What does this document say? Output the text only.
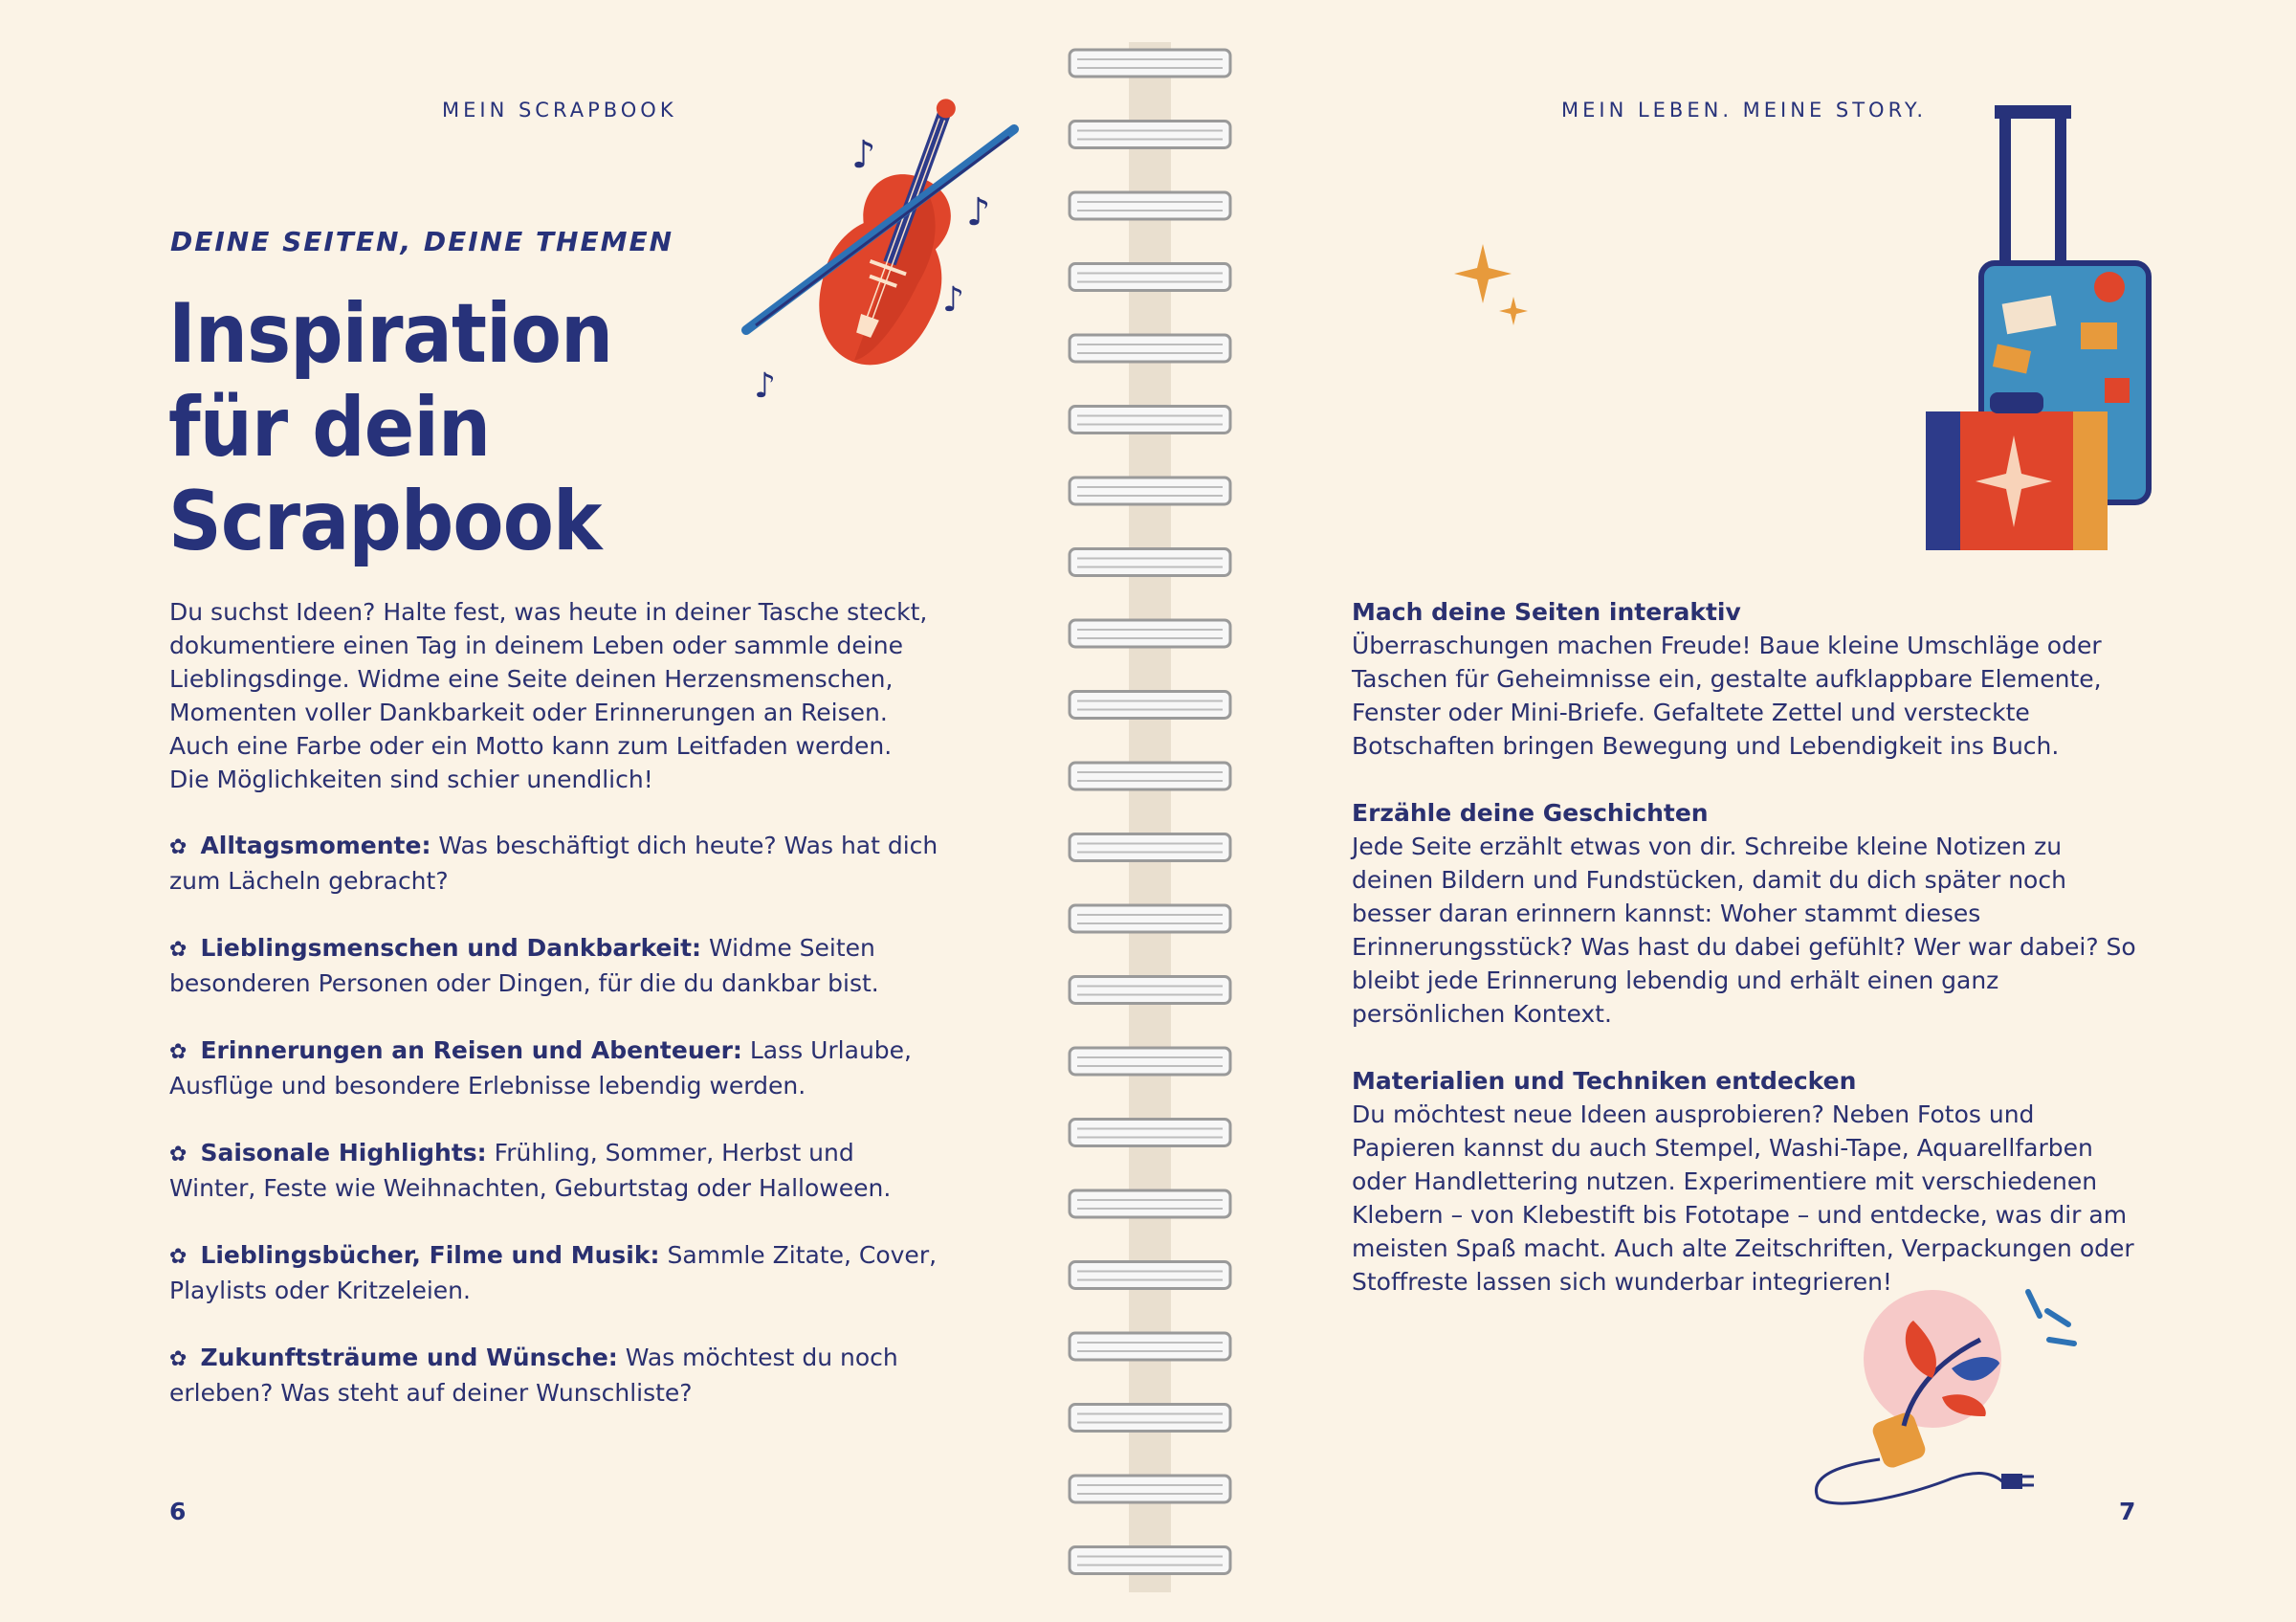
MEIN SCRAPBOOK
DEINE SEITEN, DEINE THEMEN
Inspiration für dein Scrapbook
♪
♪
♪
♪

Du suchst Ideen? Halte fest, was heute in deiner Tasche steckt, dokumentiere einen Tag in deinem Leben oder sammle deine Lieblingsdinge. Widme eine Seite deinen Herzensmenschen, Momenten voller Dankbarkeit oder Erinnerungen an Reisen. Auch eine Farbe oder ein Motto kann zum Leitfaden werden. Die Möglichkeiten sind schier unendlich!

✿ Alltagsmomente: Was beschäftigt dich heute? Was hat dich zum Lächeln gebracht?
✿ Lieblingsmenschen und Dankbarkeit: Widme Seiten besonderen Personen oder Dingen, für die du dankbar bist.
✿ Erinnerungen an Reisen und Abenteuer: Lass Urlaube, Ausflüge und besondere Erlebnisse lebendig werden.
✿ Saisonale Highlights: Frühling, Sommer, Herbst und Winter, Feste wie Weihnachten, Geburtstag oder Halloween.
✿ Lieblingsbücher, Filme und Musik: Sammle Zitate, Cover, Playlists oder Kritzeleien.
✿ Zukunftsträume und Wünsche: Was möchtest du noch erleben? Was steht auf deiner Wunschliste?
6
MEIN LEBEN. MEINE STORY.
Mach deine Seiten interaktiv

Überraschungen machen Freude! Baue kleine Umschläge oder Taschen für Geheimnisse ein, gestalte aufklappbare Elemente, Fenster oder Mini-Briefe. Gefaltete Zettel und versteckte Botschaften bringen Bewegung und Lebendigkeit ins Buch.

Erzähle deine Geschichten

Jede Seite erzählt etwas von dir. Schreibe kleine Notizen zu deinen Bildern und Fundstücken, damit du dich später noch besser daran erinnern kannst: Woher stammt dieses Erinnerungsstück? Was hast du dabei gefühlt? Wer war dabei? So bleibt jede Erinnerung lebendig und erhält einen ganz persönlichen Kontext.

Materialien und Techniken entdecken

Du möchtest neue Ideen ausprobieren? Neben Fotos und Papieren kannst du auch Stempel, Washi-Tape, Aquarellfarben oder Handlettering nutzen. Experimentiere mit verschiedenen Klebern – von Klebestift bis Fototape – und entdecke, was dir am meisten Spaß macht. Auch alte Zeitschriften, Verpackungen oder Stoffreste lassen sich wunderbar integrieren!

7
